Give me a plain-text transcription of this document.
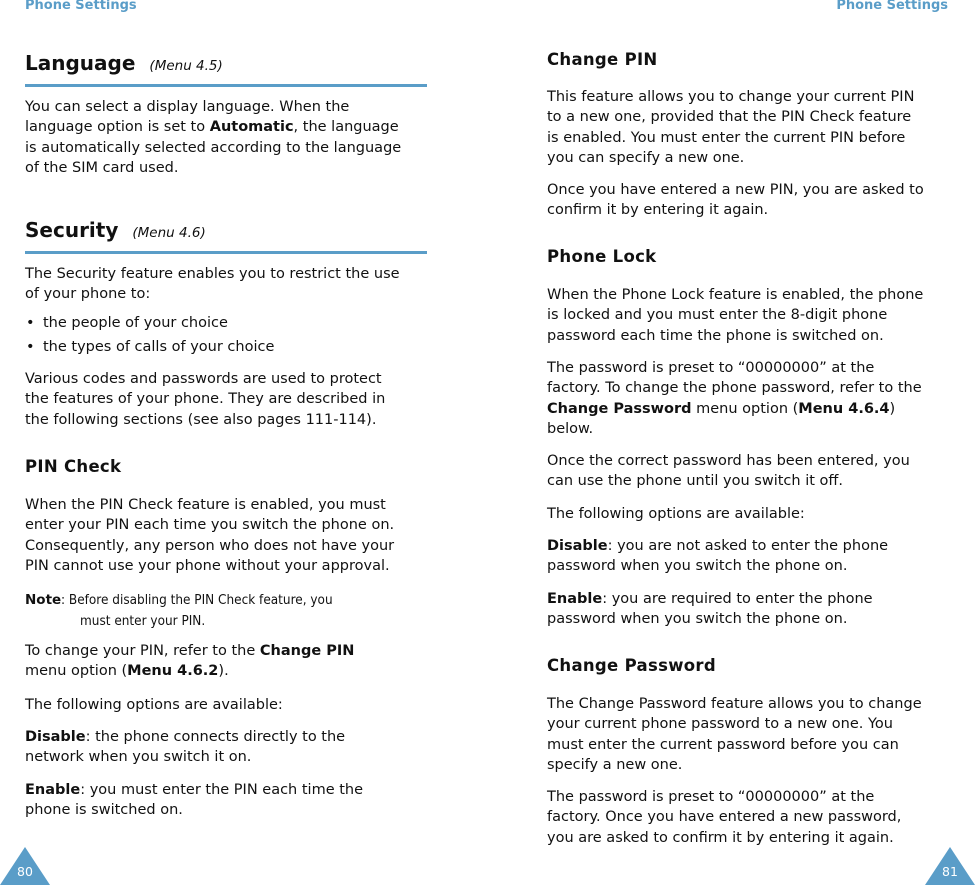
Phone Settings	Phone Settings
Language (Menu 4.5)
You can select a display language. When the
language option is set to Automatic, the language
is automatically selected according to the language
of the SIM card used.
Security (Menu 4.6)
The Security feature enables you to restrict the use
of your phone to:
• the people of your choice
• the types of calls of your choice
Various codes and passwords are used to protect
the features of your phone. They are described in
the following sections (see also pages 111-114).
PIN Check
When the PIN Check feature is enabled, you must
enter your PIN each time you switch the phone on.
Consequently, any person who does not have your
PIN cannot use your phone without your approval.
Note: Before disabling the PIN Check feature, you
must enter your PIN.
To change your PIN, refer to the Change PIN
menu option (Menu 4.6.2).
The following options are available:
Disable: the phone connects directly to the
network when you switch it on.
Enable: you must enter the PIN each time the
phone is switched on.
Change PIN
This feature allows you to change your current PIN
to a new one, provided that the PIN Check feature
is enabled. You must enter the current PIN before
you can specify a new one.
Once you have entered a new PIN, you are asked to
confirm it by entering it again.
Phone Lock
When the Phone Lock feature is enabled, the phone
is locked and you must enter the 8-digit phone
password each time the phone is switched on.
The password is preset to “00000000” at the
factory. To change the phone password, refer to the
Change Password menu option (Menu 4.6.4)
below.
Once the correct password has been entered, you
can use the phone until you switch it off.
The following options are available:
Disable: you are not asked to enter the phone
password when you switch the phone on.
Enable: you are required to enter the phone
password when you switch the phone on.
Change Password
The Change Password feature allows you to change
your current phone password to a new one. You
must enter the current password before you can
specify a new one.
The password is preset to “00000000” at the
factory. Once you have entered a new password,
you are asked to confirm it by entering it again.
80	81
